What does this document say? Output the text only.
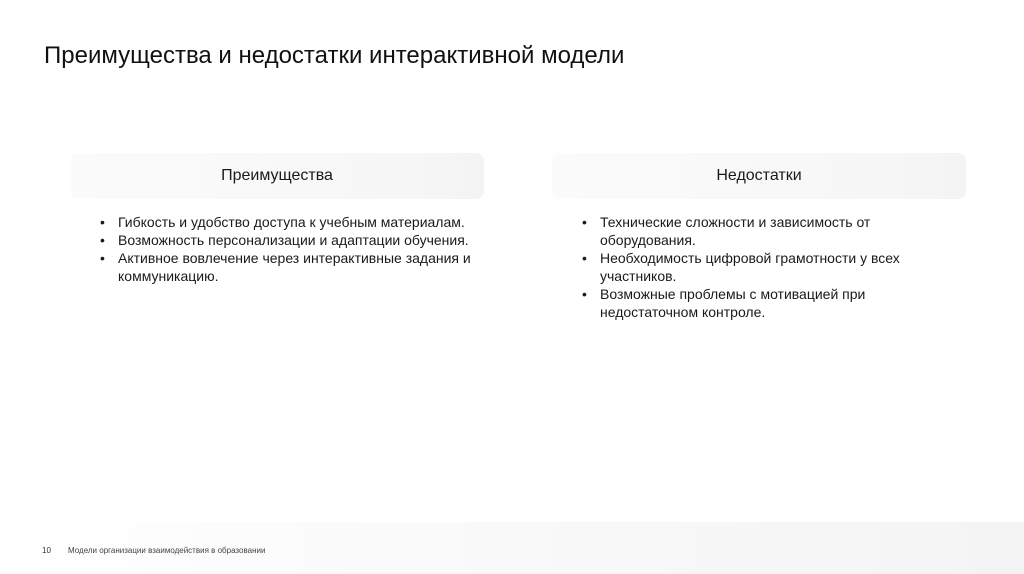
Преимущества и недостатки интерактивной модели
Преимущества
• Гибкость и удобство доступа к учебным материалам.
• Возможность персонализации и адаптации обучения.
• Активное вовлечение через интерактивные задания и коммуникацию.
Недостатки
• Технические сложности и зависимость от оборудования.
• Необходимость цифровой грамотности у всех участников.
• Возможные проблемы с мотивацией при недостаточном контроле.
10 Модели организации взаимодействия в образовании
